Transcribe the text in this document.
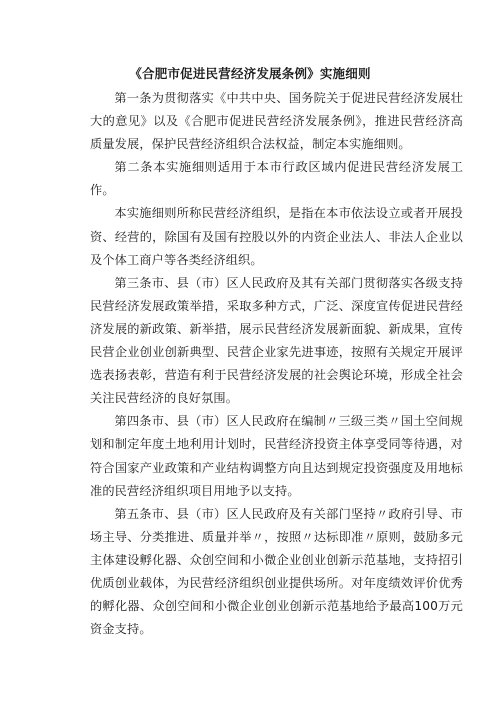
《合肥市促进民营经济发展条例》实施细则

第一条为贯彻落实《中共中央、国务院关于促进民营经济发展壮大的意见》以及《合肥市促进民营经济发展条例》，推进民营经济高质量发展，保护民营经济组织合法权益，制定本实施细则。

第二条本实施细则适用于本市行政区域内促进民营经济发展工作。

本实施细则所称民营经济组织，是指在本市依法设立或者开展投资、经营的，除国有及国有控股以外的内资企业法人、非法人企业以及个体工商户等各类经济组织。

第三条市、县（市）区人民政府及其有关部门贯彻落实各级支持民营经济发展政策举措，采取多种方式，广泛、深度宣传促进民营经济发展的新政策、新举措，展示民营经济发展新面貌、新成果，宣传民营企业创业创新典型、民营企业家先进事迹，按照有关规定开展评选表扬表彰，营造有利于民营经济发展的社会舆论环境，形成全社会关注民营经济的良好氛围。

第四条市、县（市）区人民政府在编制〃三级三类〃国土空间规划和制定年度土地利用计划时，民营经济投资主体享受同等待遇，对符合国家产业政策和产业结构调整方向且达到规定投资强度及用地标准的民营经济组织项目用地予以支持。

第五条市、县（市）区人民政府及有关部门坚持〃政府引导、市场主导、分类推进、质量并举〃，按照〃达标即准〃原则，鼓励多元主体建设孵化器、众创空间和小微企业创业创新示范基地，支持招引优质创业载体，为民营经济组织创业提供场所。对年度绩效评价优秀的孵化器、众创空间和小微企业创业创新示范基地给予最高100万元资金支持。
